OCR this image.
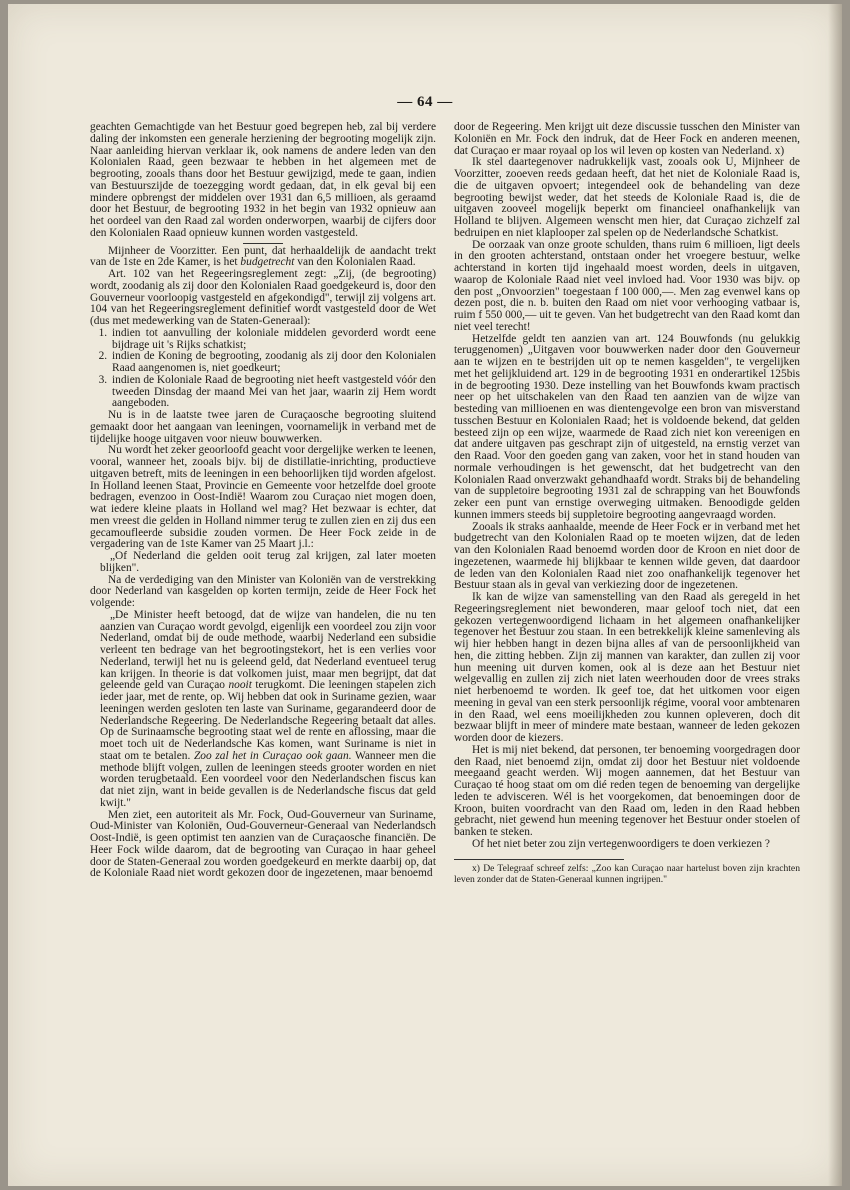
— 64 —

geachten Gemachtigde van het Bestuur goed begrepen heb, zal bij verdere daling der inkomsten een generale herziening der begrooting mogelijk zijn. Naar aanleiding hiervan verklaar ik, ook namens de andere leden van den Kolonialen Raad, geen bezwaar te hebben in het algemeen met de begrooting, zooals thans door het Bestuur gewijzigd, mede te gaan, indien van Bestuurszijde de toezegging wordt gedaan, dat, in elk geval bij een mindere opbrengst der middelen over 1931 dan 6,5 millioen, als geraamd door het Bestuur, de begrooting 1932 in het begin van 1932 opnieuw aan het oordeel van den Raad zal worden onderworpen, waarbij de cijfers door den Kolonialen Raad opnieuw kunnen worden vastgesteld.

Mijnheer de Voorzitter. Een punt, dat herhaaldelijk de aandacht trekt van de 1ste en 2de Kamer, is het budgetrecht van den Kolonialen Raad.

Art. 102 van het Regeeringsreglement zegt: „Zij, (de begrooting) wordt, zoodanig als zij door den Kolonialen Raad goedgekeurd is, door den Gouverneur voorloopig vastgesteld en afgekondigd", terwijl zij volgens art. 104 van het Regeeringsreglement definitief wordt vastgesteld door de Wet (dus met medewerking van de Staten-Generaal):

1. indien tot aanvulling der koloniale middelen gevorderd wordt eene bijdrage uit 's Rijks schatkist;
2. indien de Koning de begrooting, zoodanig als zij door den Kolonialen Raad aangenomen is, niet goedkeurt;
3. indien de Koloniale Raad de begrooting niet heeft vastgesteld vóór den tweeden Dinsdag der maand Mei van het jaar, waarin zij Hem wordt aangeboden.

Nu is in de laatste twee jaren de Curaçaosche begrooting sluitend gemaakt door het aangaan van leeningen, voornamelijk in verband met de tijdelijke hooge uitgaven voor nieuw bouwwerken.

Nu wordt het zeker geoorloofd geacht voor dergelijke werken te leenen, vooral, wanneer het, zooals bijv. bij de distillatie-inrichting, productieve uitgaven betreft, mits de leeningen in een behoorlijken tijd worden afgelost. In Holland leenen Staat, Provincie en Gemeente voor hetzelfde doel groote bedragen, evenzoo in Oost-Indië! Waarom zou Curaçao niet mogen doen, wat iedere kleine plaats in Holland wel mag? Het bezwaar is echter, dat men vreest die gelden in Holland nimmer terug te zullen zien en zij dus een gecamoufleerde subsidie zouden vormen. De Heer Fock zeide in de vergadering van de 1ste Kamer van 25 Maart j.l.:

„Of Nederland die gelden ooit terug zal krijgen, zal later moeten blijken".

Na de verdediging van den Minister van Koloniën van de verstrekking door Nederland van kasgelden op korten termijn, zeide de Heer Fock het volgende:

„De Minister heeft betoogd, dat de wijze van handelen, die nu ten aanzien van Curaçao wordt gevolgd, eigenlijk een voordeel zou zijn voor Nederland, omdat bij de oude methode, waarbij Nederland een subsidie verleent ten bedrage van het begrootingstekort, het is een verlies voor Nederland, terwijl het nu is geleend geld, dat Nederland eventueel terug kan krijgen. In theorie is dat volkomen juist, maar men begrijpt, dat dat geleende geld van Curaçao nooit terugkomt. Die leeningen stapelen zich ieder jaar, met de rente, op. Wij hebben dat ook in Suriname gezien, waar leeningen werden gesloten ten laste van Suriname, gegarandeerd door de Nederlandsche Regeering. De Nederlandsche Regeering betaalt dat alles. Op de Surinaamsche begrooting staat wel de rente en aflossing, maar die moet toch uit de Nederlandsche Kas komen, want Suriname is niet in staat om te betalen. Zoo zal het in Curaçao ook gaan. Wanneer men die methode blijft volgen, zullen de leeningen steeds grooter worden en niet worden terugbetaald. Een voordeel voor den Nederlandschen fiscus kan dat niet zijn, want in beide gevallen is de Nederlandsche fiscus dat geld kwijt."

Men ziet, een autoriteit als Mr. Fock, Oud-Gouverneur van Suriname, Oud-Minister van Koloniën, Oud-Gouverneur-Generaal van Nederlandsch Oost-Indië, is geen optimist ten aanzien van de Curaçaosche financiën. De Heer Fock wilde daarom, dat de begrooting van Curaçao in haar geheel door de Staten-Generaal zou worden goedgekeurd en merkte daarbij op, dat de Koloniale Raad niet wordt gekozen door de ingezetenen, maar benoemd

door de Regeering. Men krijgt uit deze discussie tusschen den Minister van Koloniën en Mr. Fock den indruk, dat de Heer Fock en anderen meenen, dat Curaçao er maar royaal op los wil leven op kosten van Nederland. x)

Ik stel daartegenover nadrukkelijk vast, zooals ook U, Mijnheer de Voorzitter, zooeven reeds gedaan heeft, dat het niet de Koloniale Raad is, die de uitgaven opvoert; integendeel ook de behandeling van deze begrooting bewijst weder, dat het steeds de Koloniale Raad is, die de uitgaven zooveel mogelijk beperkt om financieel onafhankelijk van Holland te blijven. Algemeen wenscht men hier, dat Curaçao zichzelf zal bedruipen en niet klaplooper zal spelen op de Nederlandsche Schatkist.

De oorzaak van onze groote schulden, thans ruim 6 millioen, ligt deels in den grooten achterstand, ontstaan onder het vroegere bestuur, welke achterstand in korten tijd ingehaald moest worden, deels in uitgaven, waarop de Koloniale Raad niet veel invloed had. Voor 1930 was bijv. op den post „Onvoorzien" toegestaan f 100 000,—. Men zag evenwel kans op dezen post, die n. b. buiten den Raad om niet voor verhooging vatbaar is, ruim f 550 000,— uit te geven. Van het budgetrecht van den Raad komt dan niet veel terecht!

Hetzelfde geldt ten aanzien van art. 124 Bouwfonds (nu gelukkig teruggenomen) „Uitgaven voor bouwwerken nader door den Gouverneur aan te wijzen en te bestrijden uit op te nemen kasgelden", te vergelijken met het gelijkluidend art. 129 in de begrooting 1931 en onderartikel 125bis in de begrooting 1930. Deze instelling van het Bouwfonds kwam practisch neer op het uitschakelen van den Raad ten aanzien van de wijze van besteding van millioenen en was dientengevolge een bron van misverstand tusschen Bestuur en Kolonialen Raad; het is voldoende bekend, dat gelden besteed zijn op een wijze, waarmede de Raad zich niet kon vereenigen en dat andere uitgaven pas geschrapt zijn of uitgesteld, na ernstig verzet van den Raad. Voor den goeden gang van zaken, voor het in stand houden van normale verhoudingen is het gewenscht, dat het budgetrecht van den Kolonialen Raad onverzwakt gehandhaafd wordt. Straks bij de behandeling van de suppletoire begrooting 1931 zal de schrapping van het Bouwfonds zeker een punt van ernstige overweging uitmaken. Benoodigde gelden kunnen immers steeds bij suppletoire begrooting aangevraagd worden.

Zooals ik straks aanhaalde, meende de Heer Fock er in verband met het budgetrecht van den Kolonialen Raad op te moeten wijzen, dat de leden van den Kolonialen Raad benoemd worden door de Kroon en niet door de ingezetenen, waarmede hij blijkbaar te kennen wilde geven, dat daardoor de leden van den Kolonialen Raad niet zoo onafhankelijk tegenover het Bestuur staan als in geval van verkiezing door de ingezetenen.

Ik kan de wijze van samenstelling van den Raad als geregeld in het Regeeringsreglement niet bewonderen, maar geloof toch niet, dat een gekozen vertegenwoordigend lichaam in het algemeen onafhankelijker tegenover het Bestuur zou staan. In een betrekkelijk kleine samenleving als wij hier hebben hangt in dezen bijna alles af van de persoonlijkheid van hen, die zitting hebben. Zijn zij mannen van karakter, dan zullen zij voor hun meening uit durven komen, ook al is deze aan het Bestuur niet welgevallig en zullen zij zich niet laten weerhouden door de vrees straks niet herbenoemd te worden. Ik geef toe, dat het uitkomen voor eigen meening in geval van een sterk persoonlijk régime, vooral voor ambtenaren in den Raad, wel eens moeilijkheden zou kunnen opleveren, doch dit bezwaar blijft in meer of mindere mate bestaan, wanneer de leden gekozen worden door de kiezers.

Het is mij niet bekend, dat personen, ter benoeming voorgedragen door den Raad, niet benoemd zijn, omdat zij door het Bestuur niet voldoende meegaand geacht werden. Wij mogen aannemen, dat het Bestuur van Curaçao té hoog staat om om dié reden tegen de benoeming van dergelijke leden te advisceren. Wél is het voorgekomen, dat benoemingen door de Kroon, buiten voordracht van den Raad om, leden in den Raad hebben gebracht, niet gewend hun meening tegenover het Bestuur onder stoelen of banken te steken.

Of het niet beter zou zijn vertegenwoordigers te doen verkiezen ?

x) De Telegraaf schreef zelfs: „Zoo kan Curaçao naar hartelust boven zijn krachten leven zonder dat de Staten-Generaal kunnen ingrijpen."
